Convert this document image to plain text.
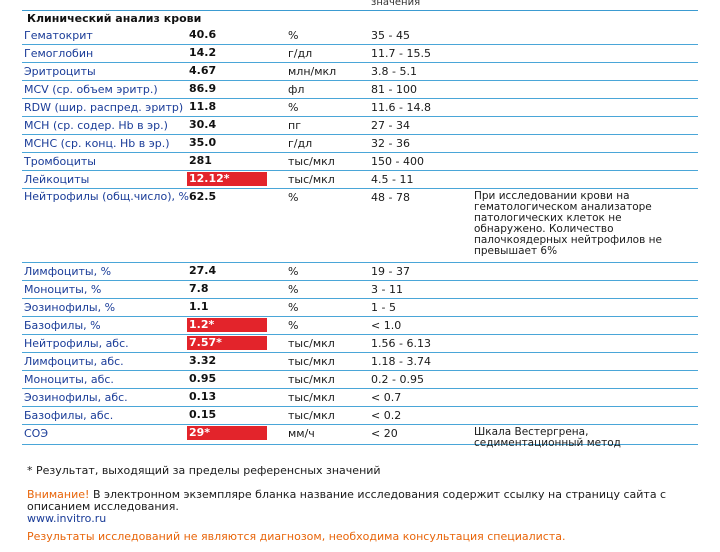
значения
Клинический анализ крови
Гематокрит	40.6	%	35 - 45
Гемоглобин	14.2	г/дл	11.7 - 15.5
Эритроциты	4.67	млн/мкл	3.8 - 5.1
MCV (ср. объем эритр.)	86.9	фл	81 - 100
RDW (шир. распред. эритр) 11.8	%	11.6 - 14.8
MCH (ср. содер. Hb в эр.) 30.4	пг	27 - 34
MCHC (ср. конц. Hb в эр.) 35.0	г/дл	32 - 36
Тромбоциты	281	тыс/мкл	150 - 400
Лейкоциты	12.12*	тыс/мкл	4.5 - 11
Нейтрофилы (общ.число), % 62.5	%	48 - 78	При исследовании крови на гематологическом анализаторе патологических клеток не обнаружено. Количество палочкоядерных нейтрофилов не превышает 6%
Лимфоциты, %	27.4	%	19 - 37
Моноциты, %	7.8	%	3 - 11
Эозинофилы, %	1.1	%	1 - 5
Базофилы, %	1.2*	%	< 1.0
Нейтрофилы, абс.	7.57*	тыс/мкл	1.56 - 6.13
Лимфоциты, абс.	3.32	тыс/мкл	1.18 - 3.74
Моноциты, абс.	0.95	тыс/мкл	0.2 - 0.95
Эозинофилы, абс.	0.13	тыс/мкл	< 0.7
Базофилы, абс.	0.15	тыс/мкл	< 0.2
СОЭ	29*	мм/ч	< 20	Шкала Вестергрена, седиментационный метод
* Результат, выходящий за пределы референсных значений
Внимание! В электронном экземпляре бланка название исследования содержит ссылку на страницу сайта с описанием исследования.
www.invitro.ru
Результаты исследований не являются диагнозом, необходима консультация специалиста.
